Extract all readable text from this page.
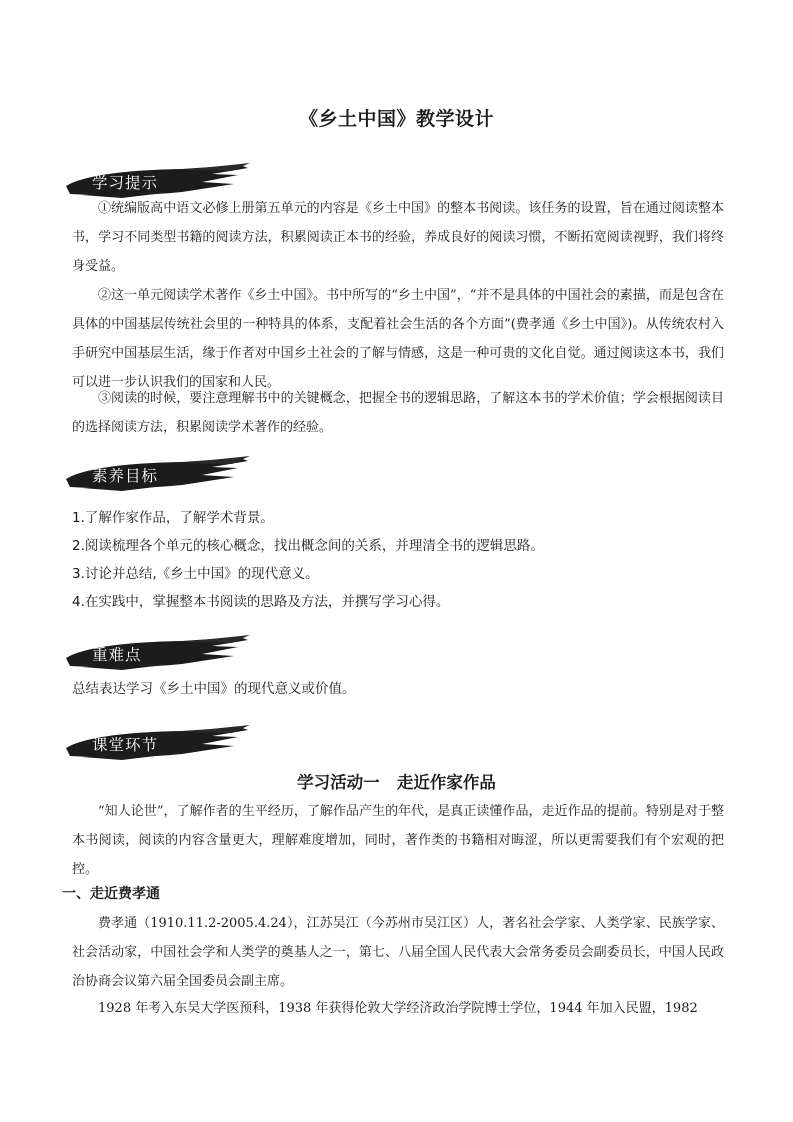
《乡土中国》教学设计
学习提示

①统编版高中语文必修上册第五单元的内容是《乡土中国》的整本书阅读。该任务的设置，旨在通过阅读整本书，学习不同类型书籍的阅读方法，积累阅读正本书的经验，养成良好的阅读习惯，不断拓宽阅读视野，我们将终身受益。

②这一单元阅读学术著作《乡土中国》。书中所写的“乡土中国”，“并不是具体的中国社会的素描，而是包含在具体的中国基层传统社会里的一种特具的体系，支配着社会生活的各个方面”(费孝通《乡土中国》)。从传统农村入手研究中国基层生活，缘于作者对中国乡土社会的了解与情感，这是一种可贵的文化自觉。通过阅读这本书，我们可以进一步认识我们的国家和人民。

③阅读的时候，要注意理解书中的关键概念，把握全书的逻辑思路，了解这本书的学术价值；学会根据阅读目的选择阅读方法，积累阅读学术著作的经验。

素养目标
1.了解作家作品，了解学术背景。
2.阅读梳理各个单元的核心概念，找出概念间的关系，并理清全书的逻辑思路。
3.讨论并总结,《乡土中国》的现代意义。
4.在实践中，掌握整本书阅读的思路及方法，并撰写学习心得。
重难点

总结表达学习《乡土中国》的现代意义或价值。

课堂环节
学习活动一   走近作家作品

“知人论世”，了解作者的生平经历，了解作品产生的年代，是真正读懂作品，走近作品的提前。特别是对于整本书阅读，阅读的内容含量更大，理解难度增加，同时，著作类的书籍相对晦涩，所以更需要我们有个宏观的把控。

一、走近费孝通

费孝通（1910.11.2-2005.4.24），江苏吴江（今苏州市吴江区）人，著名社会学家、人类学家、民族学家、社会活动家，中国社会学和人类学的奠基人之一，第七、八届全国人民代表大会常务委员会副委员长，中国人民政治协商会议第六届全国委员会副主席。

1928 年考入东吴大学医预科，1938 年获得伦敦大学经济政治学院博士学位，1944 年加入民盟，1982
